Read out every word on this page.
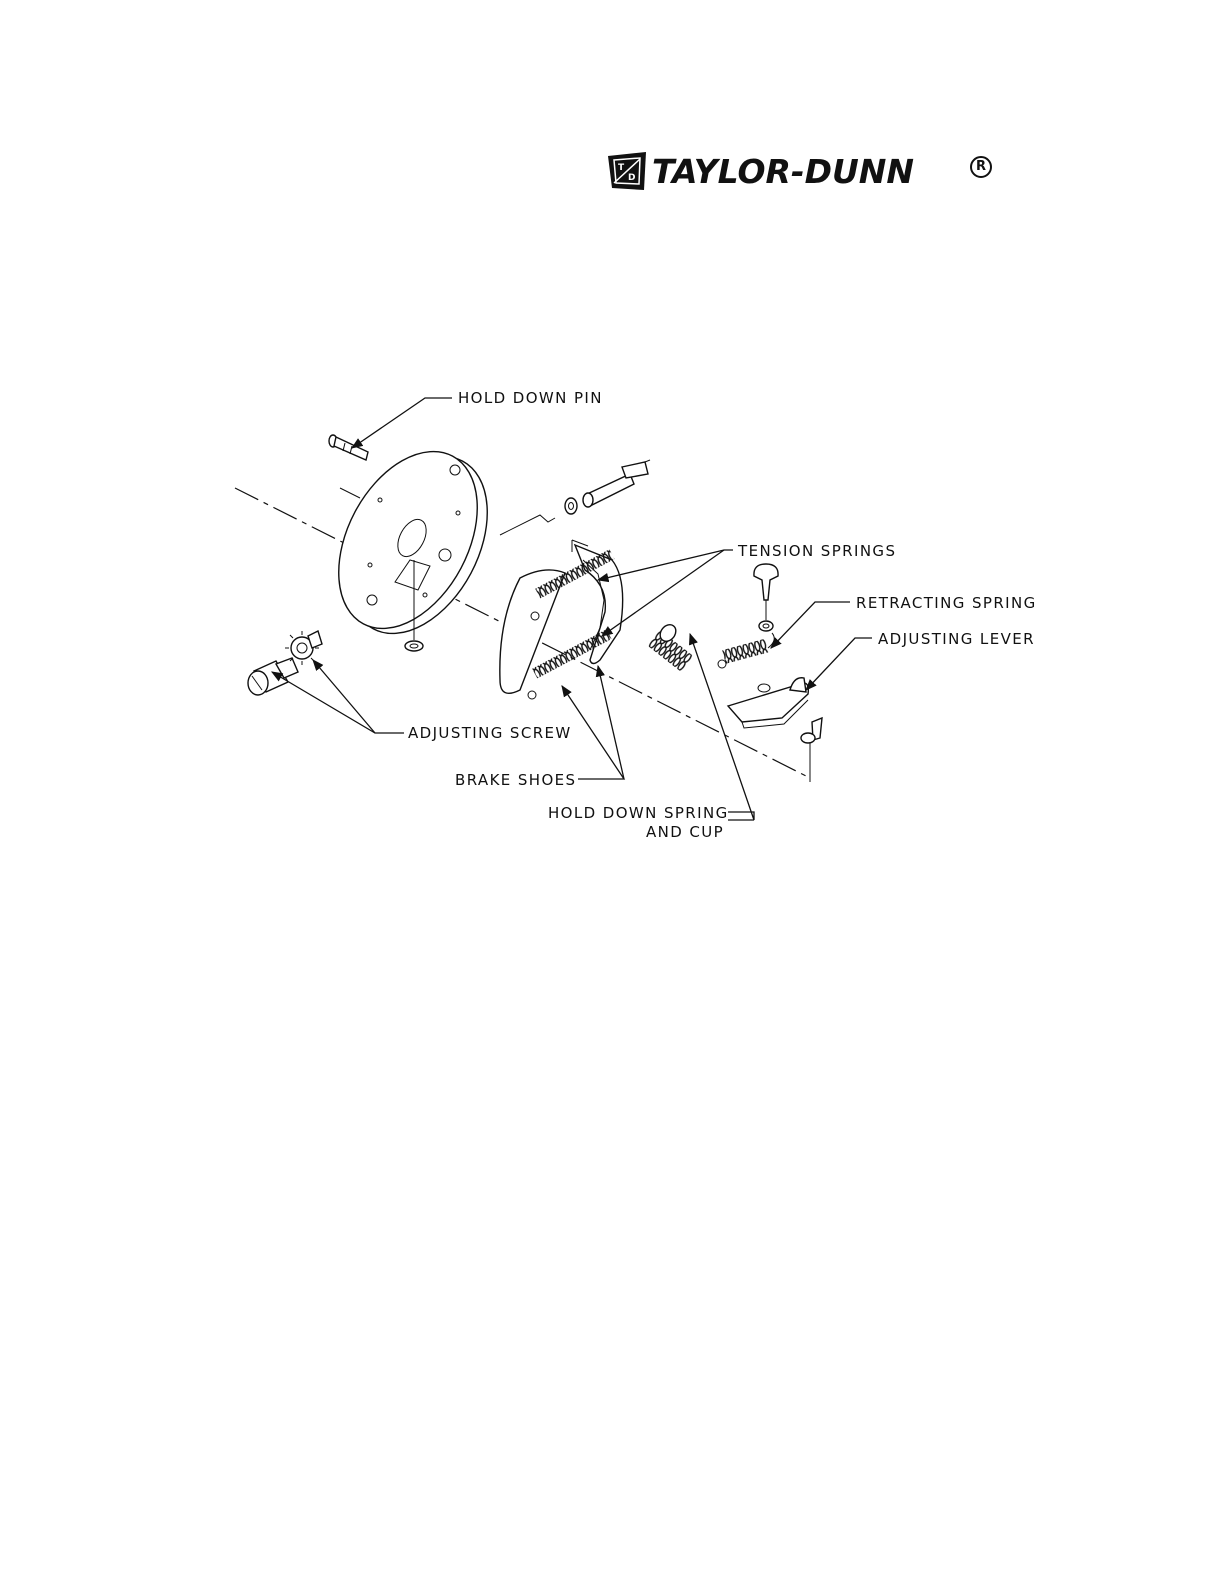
T
D TAYLOR-DUNN	R
HOLD DOWN PIN
TENSION SPRINGS
RETRACTING SPRING
ADJUSTING LEVER
ADJUSTING SCREW
BRAKE SHOES
HOLD DOWN SPRING
AND CUP
